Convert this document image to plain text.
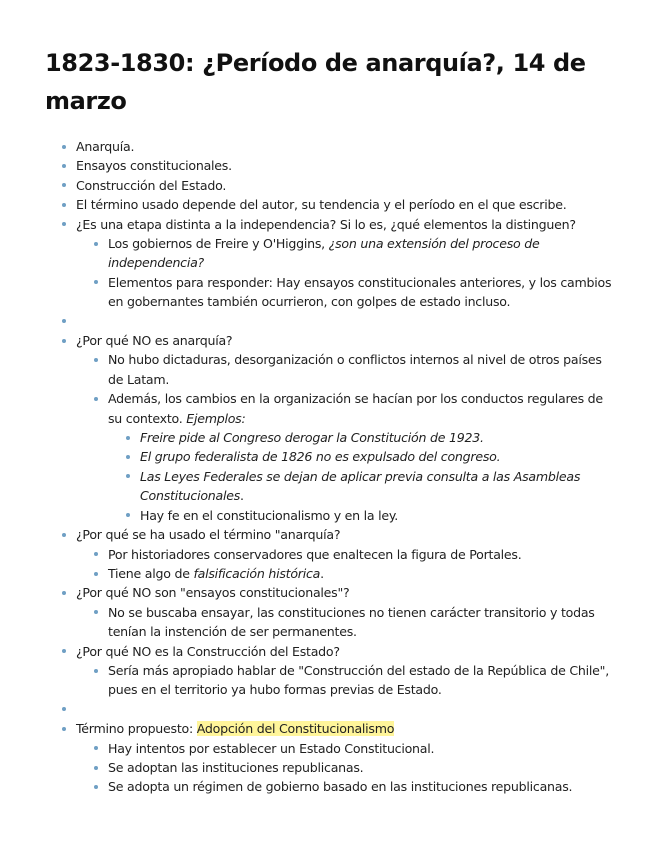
1823-1830: ¿Período de anarquía?, 14 de marzo
Anarquía.
Ensayos constitucionales.
Construcción del Estado.
El término usado depende del autor, su tendencia y el período en el que escribe.
¿Es una etapa distinta a la independencia? Si lo es, ¿qué elementos la distinguen?
Los gobiernos de Freire y O'Higgins, ¿son una extensión del proceso de independencia?
Elementos para responder: Hay ensayos constitucionales anteriores, y los cambios en gobernantes también ocurrieron, con golpes de estado incluso.
¿Por qué NO es anarquía?
No hubo dictaduras, desorganización o conflictos internos al nivel de otros países de Latam.
Además, los cambios en la organización se hacían por los conductos regulares de su contexto. Ejemplos:
Freire pide al Congreso derogar la Constitución de 1923.
El grupo federalista de 1826 no es expulsado del congreso.
Las Leyes Federales se dejan de aplicar previa consulta a las Asambleas Constitucionales.
Hay fe en el constitucionalismo y en la ley.
¿Por qué se ha usado el término "anarquía?
Por historiadores conservadores que enaltecen la figura de Portales.
Tiene algo de falsificación histórica.
¿Por qué NO son "ensayos constitucionales"?
No se buscaba ensayar, las constituciones no tienen carácter transitorio y todas tenían la instención de ser permanentes.
¿Por qué NO es la Construcción del Estado?
Sería más apropiado hablar de "Construcción del estado de la República de Chile", pues en el territorio ya hubo formas previas de Estado.
Término propuesto: Adopción del Constitucionalismo
Hay intentos por establecer un Estado Constitucional.
Se adoptan las instituciones republicanas.
Se adopta un régimen de gobierno basado en las instituciones republicanas.
